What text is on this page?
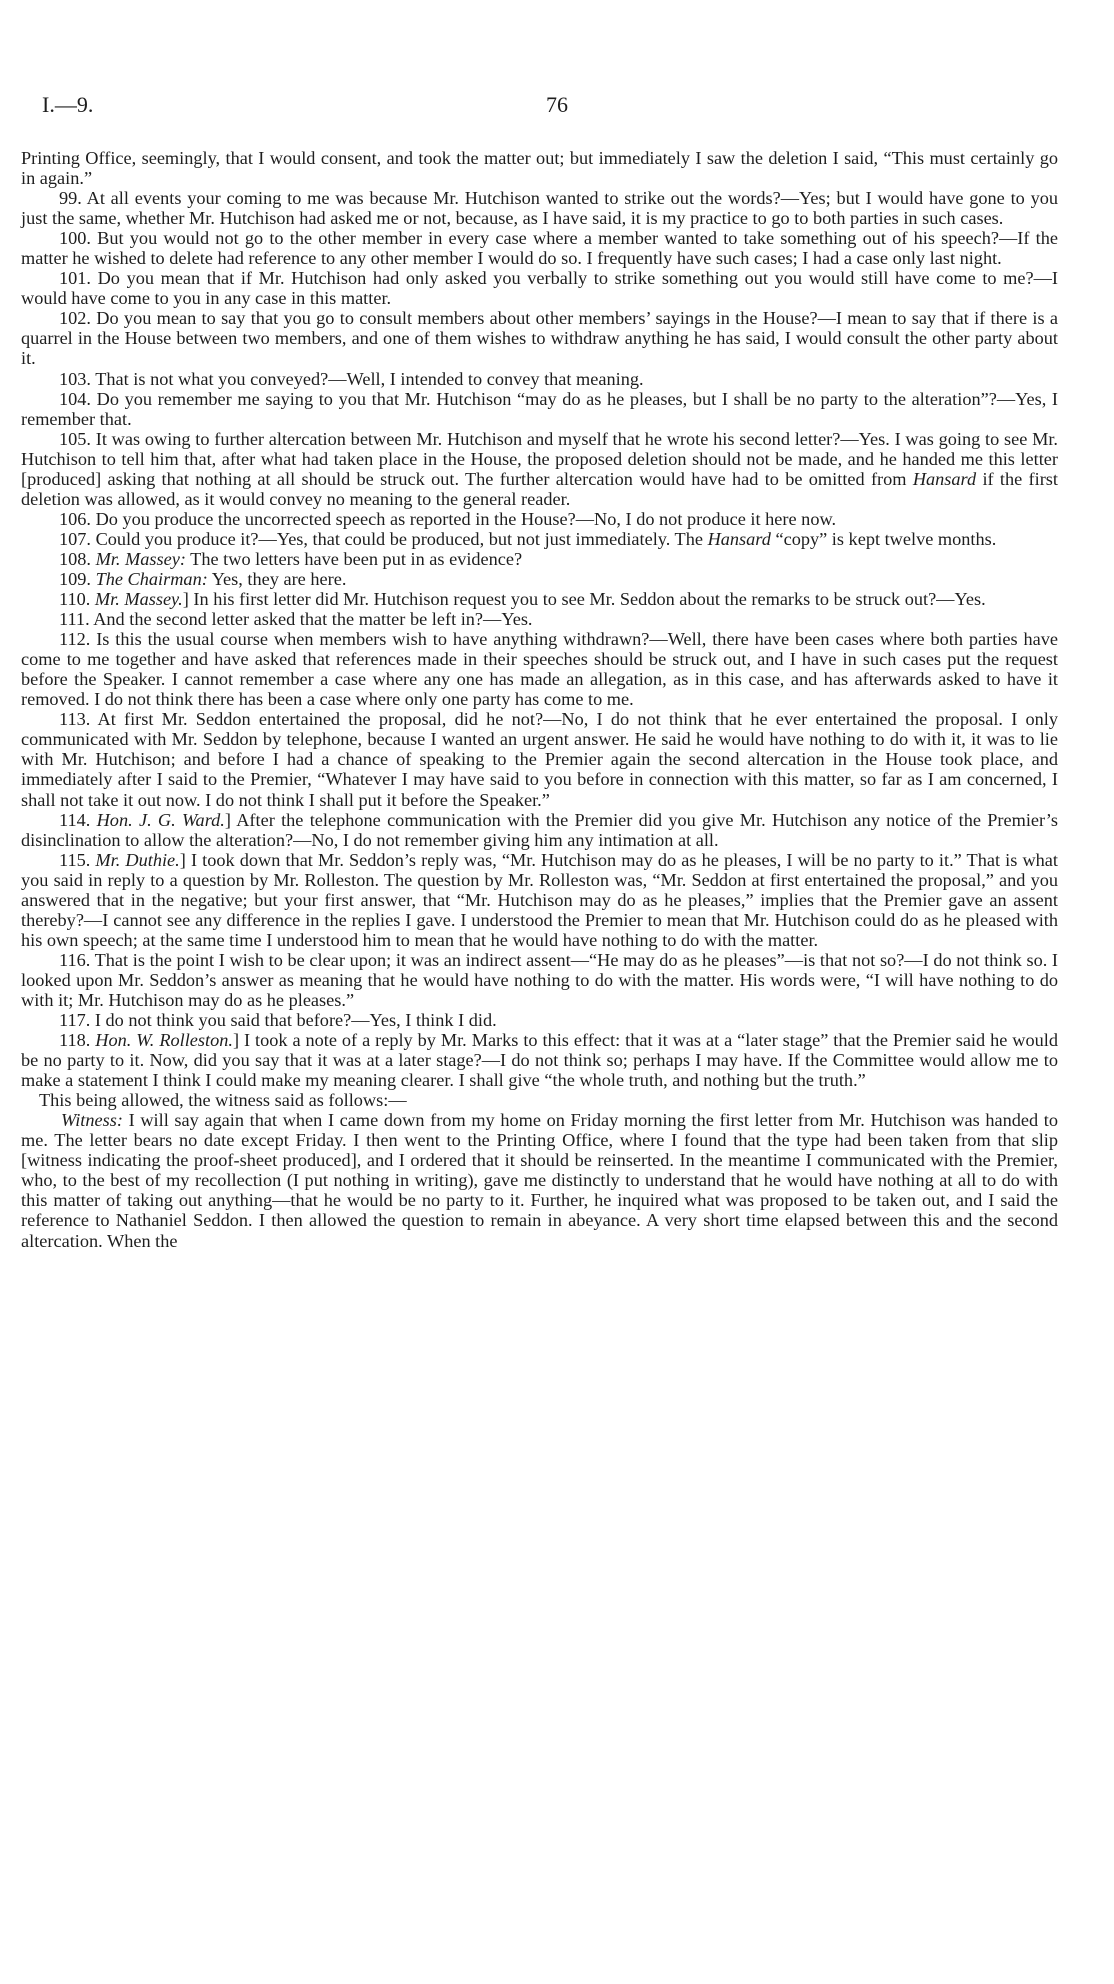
I.—9.	76

Printing Office, seemingly, that I would consent, and took the matter out; but immediately I saw the deletion I said, “This must certainly go in again.”

99. At all events your coming to me was because Mr. Hutchison wanted to strike out the words?—Yes; but I would have gone to you just the same, whether Mr. Hutchison had asked me or not, because, as I have said, it is my practice to go to both parties in such cases.

100. But you would not go to the other member in every case where a member wanted to take something out of his speech?—If the matter he wished to delete had reference to any other member I would do so. I frequently have such cases; I had a case only last night.

101. Do you mean that if Mr. Hutchison had only asked you verbally to strike something out you would still have come to me?—I would have come to you in any case in this matter.

102. Do you mean to say that you go to consult members about other members’ sayings in the House?—I mean to say that if there is a quarrel in the House between two members, and one of them wishes to withdraw anything he has said, I would consult the other party about it.

103. That is not what you conveyed?—Well, I intended to convey that meaning.

104. Do you remember me saying to you that Mr. Hutchison “may do as he pleases, but I shall be no party to the alteration”?—Yes, I remember that.

105. It was owing to further altercation between Mr. Hutchison and myself that he wrote his second letter?—Yes. I was going to see Mr. Hutchison to tell him that, after what had taken place in the House, the proposed deletion should not be made, and he handed me this letter [produced] asking that nothing at all should be struck out. The further altercation would have had to be omitted from Hansard if the first deletion was allowed, as it would convey no meaning to the general reader.

106. Do you produce the uncorrected speech as reported in the House?—No, I do not produce it here now.

107. Could you produce it?—Yes, that could be produced, but not just immediately. The Hansard “copy” is kept twelve months.

108. Mr. Massey: The two letters have been put in as evidence?

109. The Chairman: Yes, they are here.

110. Mr. Massey.] In his first letter did Mr. Hutchison request you to see Mr. Seddon about the remarks to be struck out?—Yes.

111. And the second letter asked that the matter be left in?—Yes.

112. Is this the usual course when members wish to have anything withdrawn?—Well, there have been cases where both parties have come to me together and have asked that references made in their speeches should be struck out, and I have in such cases put the request before the Speaker. I cannot remember a case where any one has made an allegation, as in this case, and has afterwards asked to have it removed. I do not think there has been a case where only one party has come to me.

113. At first Mr. Seddon entertained the proposal, did he not?—No, I do not think that he ever entertained the proposal. I only communicated with Mr. Seddon by telephone, because I wanted an urgent answer. He said he would have nothing to do with it, it was to lie with Mr. Hutchison; and before I had a chance of speaking to the Premier again the second altercation in the House took place, and immediately after I said to the Premier, “Whatever I may have said to you before in connection with this matter, so far as I am concerned, I shall not take it out now. I do not think I shall put it before the Speaker.”

114. Hon. J. G. Ward.] After the telephone communication with the Premier did you give Mr. Hutchison any notice of the Premier’s disinclination to allow the alteration?—No, I do not remember giving him any intimation at all.

115. Mr. Duthie.] I took down that Mr. Seddon’s reply was, “Mr. Hutchison may do as he pleases, I will be no party to it.” That is what you said in reply to a question by Mr. Rolleston. The question by Mr. Rolleston was, “Mr. Seddon at first entertained the proposal,” and you answered that in the negative; but your first answer, that “Mr. Hutchison may do as he pleases,” implies that the Premier gave an assent thereby?—I cannot see any difference in the replies I gave. I understood the Premier to mean that Mr. Hutchison could do as he pleased with his own speech; at the same time I understood him to mean that he would have nothing to do with the matter.

116. That is the point I wish to be clear upon; it was an indirect assent—“He may do as he pleases”—is that not so?—I do not think so. I looked upon Mr. Seddon’s answer as meaning that he would have nothing to do with the matter. His words were, “I will have nothing to do with it; Mr. Hutchison may do as he pleases.”

117. I do not think you said that before?—Yes, I think I did.

118. Hon. W. Rolleston.] I took a note of a reply by Mr. Marks to this effect: that it was at a “later stage” that the Premier said he would be no party to it. Now, did you say that it was at a later stage?—I do not think so; perhaps I may have. If the Committee would allow me to make a statement I think I could make my meaning clearer. I shall give “the whole truth, and nothing but the truth.”

This being allowed, the witness said as follows:—

Witness: I will say again that when I came down from my home on Friday morning the first letter from Mr. Hutchison was handed to me. The letter bears no date except Friday. I then went to the Printing Office, where I found that the type had been taken from that slip [witness indicating the proof-sheet produced], and I ordered that it should be reinserted. In the meantime I communicated with the Premier, who, to the best of my recollection (I put nothing in writing), gave me distinctly to understand that he would have nothing at all to do with this matter of taking out anything—that he would be no party to it. Further, he inquired what was proposed to be taken out, and I said the reference to Nathaniel Seddon. I then allowed the question to remain in abeyance. A very short time elapsed between this and the second altercation. When the
